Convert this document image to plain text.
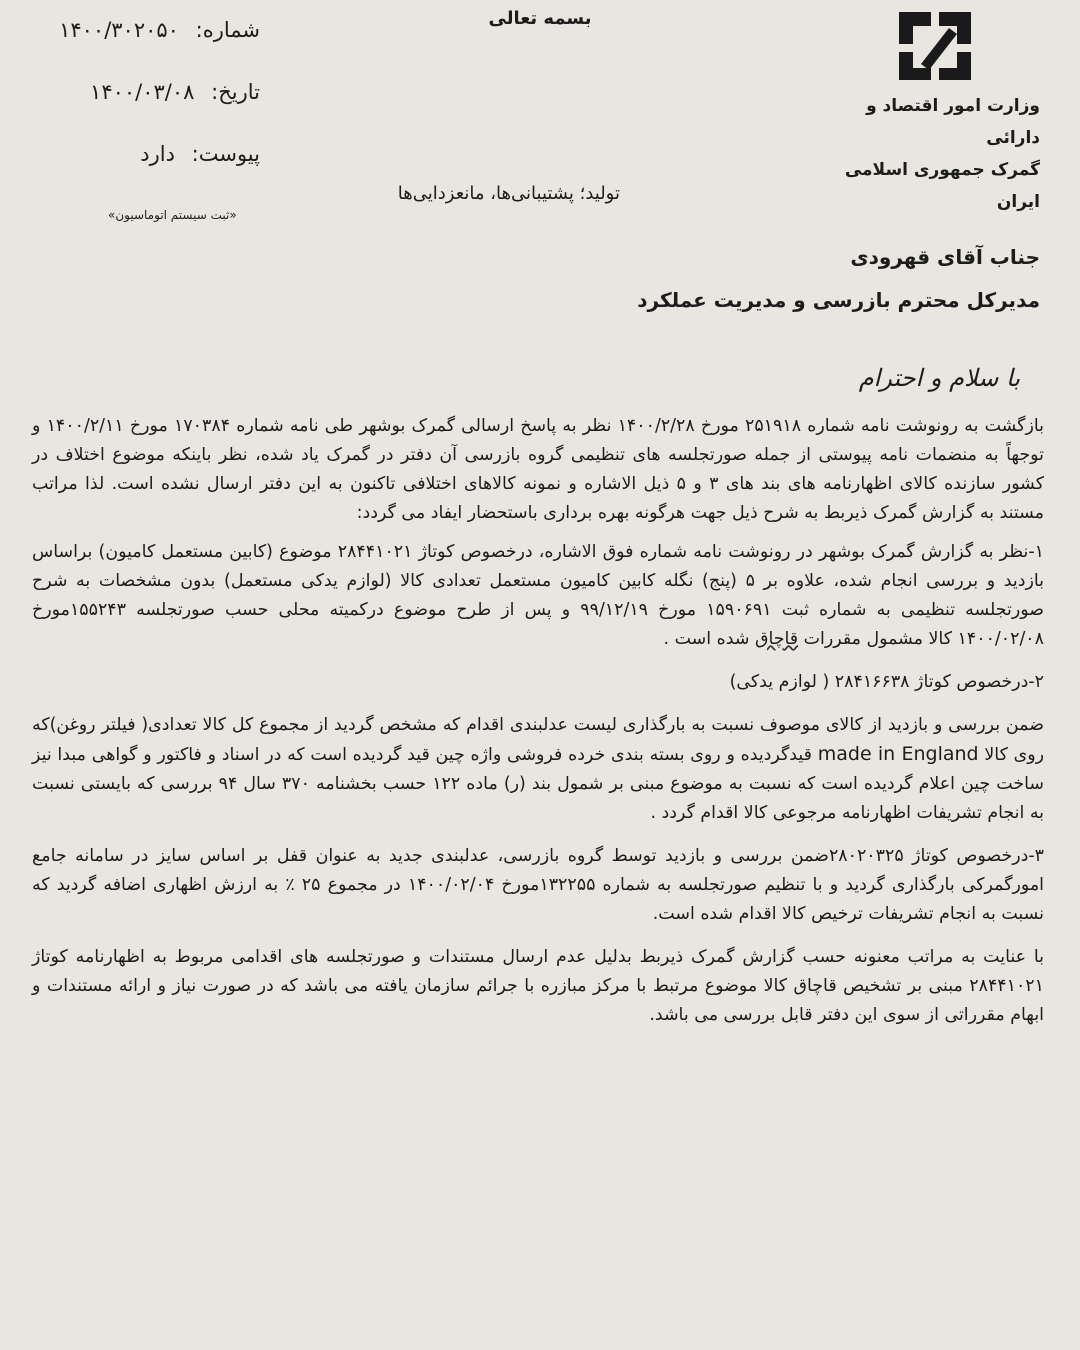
وزارت امور اقتصاد و دارائی
گمرک جمهوری اسلامی ایران
بسمه تعالی
شماره: ۱۴۰۰/۳۰۲۰۵۰
تاریخ: ۱۴۰۰/۰۳/۰۸
پیوست: دارد
«ثبت سیستم اتوماسیون»
تولید؛ پشتیبانی‌ها، مانعزدایی‌ها
جناب آقای قهرودی
مدیرکل محترم بازرسی و مدیریت عملکرد
با سلام و احترام

بازگشت به رونوشت نامه شماره ۲۵۱۹۱۸ مورخ ۱۴۰۰/۲/۲۸ نظر به پاسخ ارسالی گمرک بوشهر طی نامه شماره ۱۷۰۳۸۴ مورخ ۱۴۰۰/۲/۱۱ و توجهاً به منضمات نامه پیوستی از جمله صورتجلسه های تنظیمی گروه بازرسی آن دفتر در گمرک یاد شده، نظر باینکه موضوع اختلاف در کشور سازنده کالای اظهارنامه های بند های ۳ و ۵ ذیل الاشاره و نمونه کالاهای اختلافی تاکنون به این دفتر ارسال نشده است. لذا مراتب مستند به گزارش گمرک ذیربط به شرح ذیل جهت هرگونه بهره برداری باستحضار ایفاد می گردد:

۱-نظر به گزارش گمرک بوشهر در رونوشت نامه شماره فوق الاشاره، درخصوص کوتاژ ۲۸۴۴۱۰۲۱ موضوع (کابین مستعمل کامیون) براساس بازدید و بررسی انجام شده، علاوه بر ۵ (پنج) نگله کابین کامیون مستعمل تعدادی کالا (لوازم یدکی مستعمل) بدون مشخصات به شرح صورتجلسه تنظیمی به شماره ثبت ۱۵۹۰۶۹۱ مورخ ۹۹/۱۲/۱۹ و پس از طرح موضوع درکمیته محلی حسب صورتجلسه ۱۵۵۲۴۳مورخ ۱۴۰۰/۰۲/۰۸ کالا مشمول مقررات قاچاق شده است .

۲-درخصوص کوتاژ ۲۸۴۱۶۶۳۸ ( لوازم یدکی)

ضمن بررسی و بازدید از کالای موصوف نسبت به بارگذاری لیست عدلبندی اقدام که مشخص گردید از مجموع کل کالا تعدادی( فیلتر روغن)که روی کالا made in England قیدگردیده و روی بسته بندی خرده فروشی واژه چین قید گردیده است که در اسناد و فاکتور و گواهی مبدا نیز ساخت چین اعلام گردیده است که نسبت به موضوع مبنی بر شمول بند (ر) ماده ۱۲۲ حسب بخشنامه ۳۷۰ سال ۹۴ بررسی که بایستی نسبت به انجام تشریفات اظهارنامه مرجوعی کالا اقدام گردد .

۳-درخصوص کوتاژ ۲۸۰۲۰۳۲۵ضمن بررسی و بازدید توسط گروه بازرسی، عدلبندی جدید به عنوان قفل بر اساس سایز در سامانه جامع امورگمرکی بارگذاری گردید و با تنظیم صورتجلسه به شماره ۱۳۲۲۵۵مورخ ۱۴۰۰/۰۲/۰۴ در مجموع ۲۵ ٪ به ارزش اظهاری اضافه گردید که نسبت به انجام تشریفات ترخیص کالا اقدام شده است.

با عنایت به مراتب معنونه حسب گزارش گمرک ذیربط بدلیل عدم ارسال مستندات و صورتجلسه های اقدامی مربوط به اظهارنامه کوتاژ ۲۸۴۴۱۰۲۱ مبنی بر تشخیص قاچاق کالا موضوع مرتبط با مرکز مبازره با جرائم سازمان یافته می باشد که در صورت نیاز و ارائه مستندات و ابهام مقرراتی از سوی این دفتر قابل بررسی می باشد.
